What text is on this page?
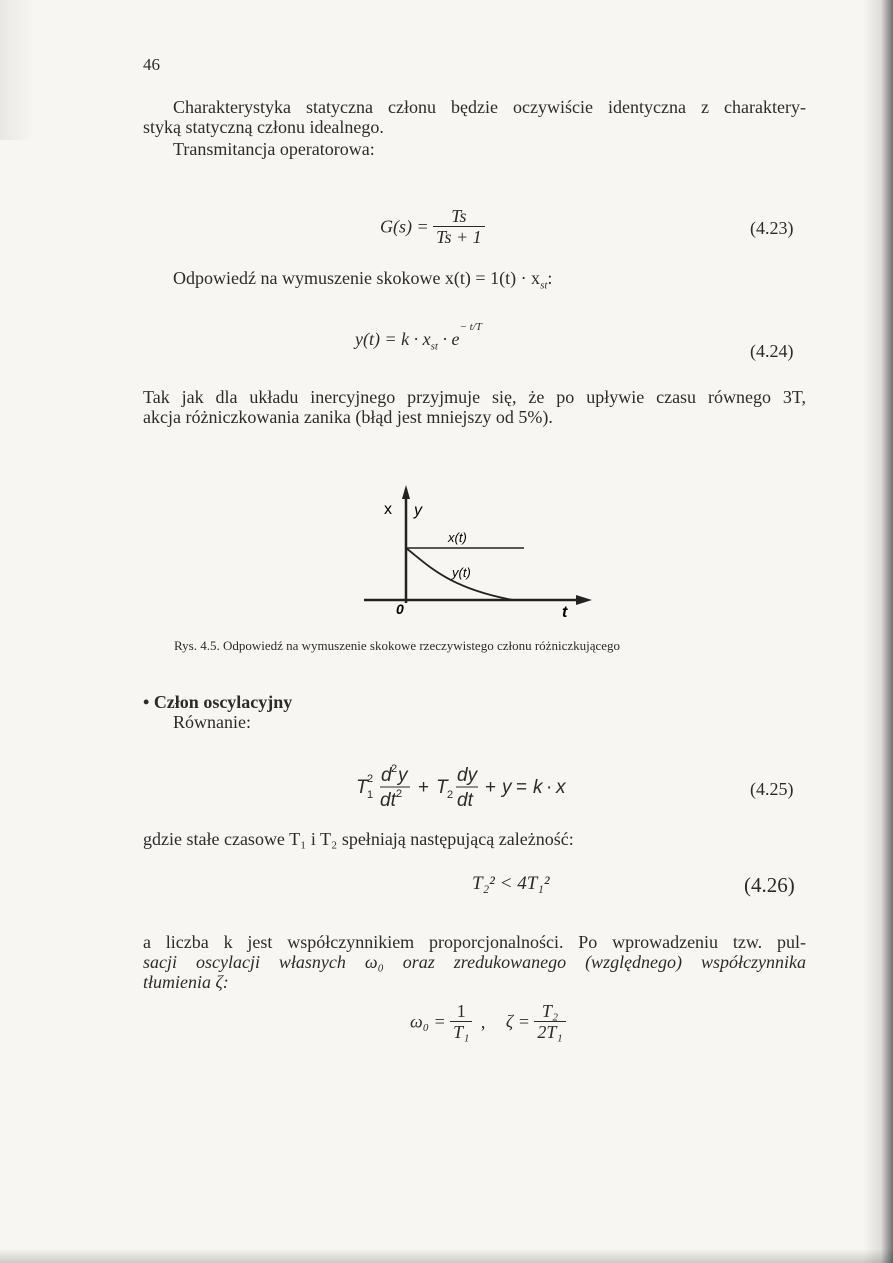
46
Charakterystyka statyczna członu będzie oczywiście identyczna z charaktery-
styką statyczną członu idealnego.
Transmitancja operatorowa:
$G(s) = \frac{Ts}{Ts + 1}$	(4.23)
Odpowiedź na wymuszenie skokowe $x(t) = 1(t) \cdot x_{st}$:
$y(t) = k \cdot x_{st} \cdot e^{- t/T}$
(4.24)
Tak jak dla układu inercyjnego przyjmuje się, że po upływie czasu równego 3T,
akcja różniczkowania zanika (błąd jest mniejszy od 5%).
x y
x(t)
y(t)
0	t
Rys. 4.5. Odpowiedź na wymuszenie skokowe rzeczywistego członu różniczkującego
• Człon oscylacyjny
Równanie:
T 2
1
d 2 y
dt 2 + T 2
dy
dt
+ y = k · x	(4.25)
gdzie stałe czasowe T₁ i T₂ spełniają następującą zależność:
T₂² < 4T₁²	(4.26)
a liczba k jest współczynnikiem proporcjonalności. Po wprowadzeniu tzw. pul-
sacji oscylacji własnych ω₀ oraz zredukowanego (względnego) współczynnika
tłumienia ζ:
$\omega_0 = \frac{1}{\text{T₁}}$ , $\zeta = \frac{\text{T₂}}{\text{2T₁}}$
